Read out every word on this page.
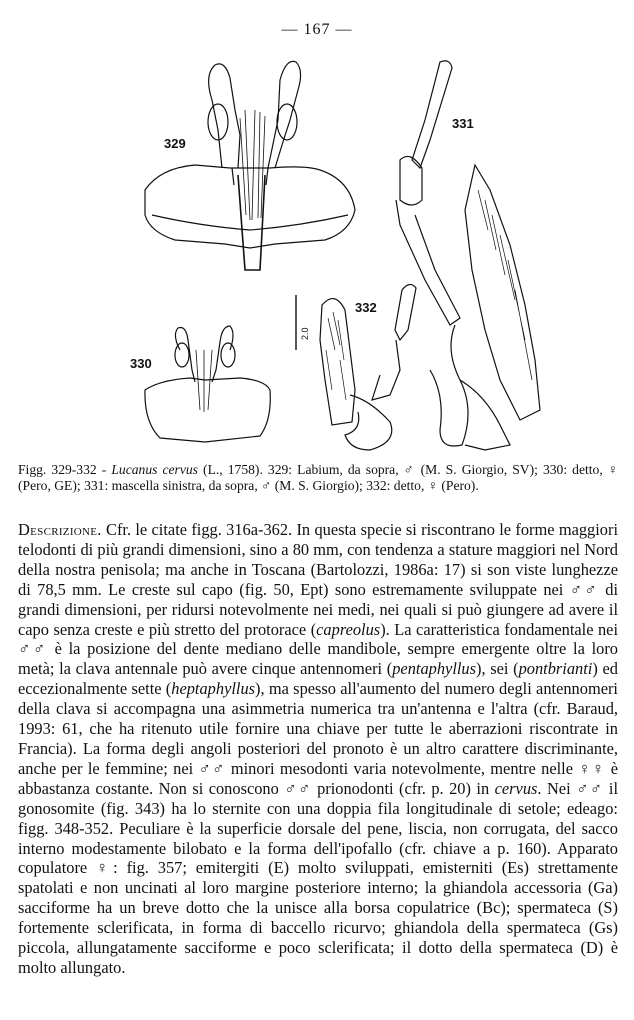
— 167 —
329
330
331
332
2.0
Figg. 329-332 - Lucanus cervus (L., 1758). 329: Labium, da sopra, ♂ (M. S. Giorgio, SV); 330: detto, ♀ (Pero, GE); 331: mascella sinistra, da sopra, ♂ (M. S. Giorgio); 332: detto, ♀ (Pero).
Descrizione. Cfr. le citate figg. 316a-362. In questa specie si riscontrano le forme maggiori telodonti di più grandi dimensioni, sino a 80 mm, con tendenza a stature maggiori nel Nord della nostra penisola; ma anche in Toscana (Bartolozzi, 1986a: 17) si son viste lunghezze di 78,5 mm. Le creste sul capo (fig. 50, Ept) sono estremamente sviluppate nei ♂♂ di grandi dimensioni, per ridursi notevolmente nei medi, nei quali si può giungere ad avere il capo senza creste e più stretto del protorace (capreolus). La caratteristica fondamentale nei ♂♂ è la posizione del dente mediano delle mandibole, sempre emergente oltre la loro metà; la clava antennale può avere cinque antennomeri (pentaphyllus), sei (pontbrianti) ed eccezionalmente sette (heptaphyllus), ma spesso all'aumento del numero degli antennomeri della clava si accompagna una asimmetria numerica tra un'antenna e l'altra (cfr. Baraud, 1993: 61, che ha ritenuto utile fornire una chiave per tutte le aberrazioni riscontrate in Francia). La forma degli angoli posteriori del pronoto è un altro carattere discriminante, anche per le femmine; nei ♂♂ minori mesodonti varia notevolmente, mentre nelle ♀♀ è abbastanza costante. Non si conoscono ♂♂ prionodonti (cfr. p. 20) in cervus. Nei ♂♂ il gonosomite (fig. 343) ha lo sternite con una doppia fila longitudinale di setole; edeago: figg. 348-352. Peculiare è la superficie dorsale del pene, liscia, non corrugata, del sacco interno modestamente bilobato e la forma dell'ipofallo (cfr. chiave a p. 160). Apparato copulatore ♀: fig. 357; emitergiti (E) molto sviluppati, emisterniti (Es) strettamente spatolati e non uncinati al loro margine posteriore interno; la ghiandola accessoria (Ga) sacciforme ha un breve dotto che la unisce alla borsa copulatrice (Bc); spermateca (S) fortemente sclerificata, in forma di baccello ricurvo; ghiandola della spermateca (Gs) piccola, allungatamente sacciforme e poco sclerificata; il dotto della spermateca (D) è molto allungato.
